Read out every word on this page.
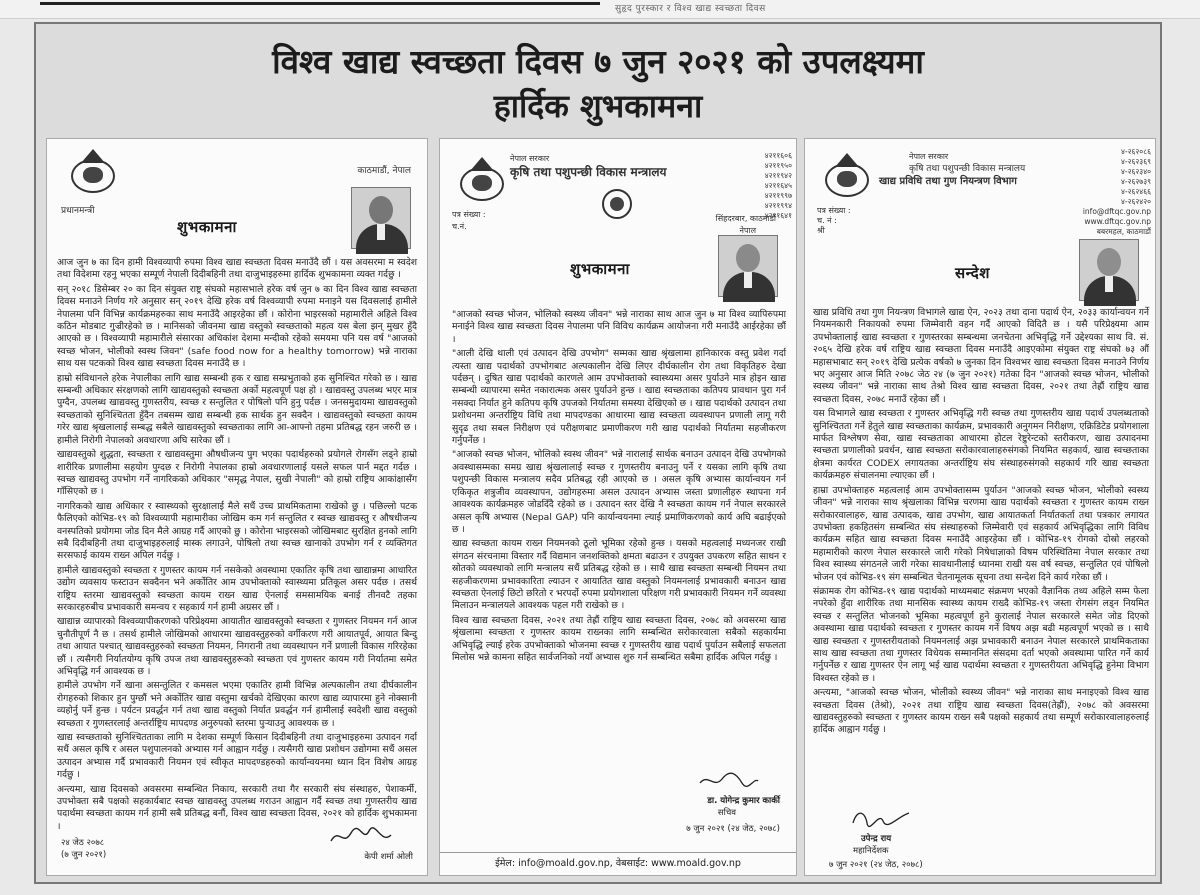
सुहृद पुरस्कार र विश्व खाद्य स्वच्छता दिवस
विश्व खाद्य स्वच्छता दिवस ७ जुन २०२१ को उपलक्ष्यमा
हार्दिक शुभकामना
प्रधानमन्त्री
काठमाडौं, नेपाल
शुभकामना

आज जुन ७ का दिन हामी विश्वव्यापी रुपमा विश्व खाद्य स्वच्छता दिवस मनाउँदै छौं । यस अवसरमा म स्वदेश तथा विदेशमा रहनु भएका सम्पूर्ण नेपाली दिदीबहिनी तथा दाजुभाइहरुमा हार्दिक शुभकामना व्यक्त गर्दछु ।

सन् २०१८ डिसेम्बर २० का दिन संयुक्त राष्ट्र संघको महासभाले हरेक वर्ष जुन ७ का दिन विश्व खाद्य स्वच्छता दिवस मनाउने निर्णय गरे अनुसार सन् २०१९ देखि हरेक वर्ष विश्वव्यापी रुपमा मनाइने यस दिवसलाई हामीले नेपालमा पनि विभिन्न कार्यक्रमहरुका साथ मनाउँदै आइरहेका छौं । कोरोना भाइरसको महामारीले अहिले विश्व कठिन मोडबाट गुज्रीरहेको छ । मानिसको जीवनमा खाद्य वस्तुको स्वच्छताको महत्व यस बेला झन् मुखर हुँदै आएको छ । विश्वव्यापी महामारीले संसारका अधिकांश देशमा मन्दीको रहेको समयमा पनि यस वर्ष "आजको स्वच्छ भोजन, भोलीको स्वस्थ जिवन" (safe food now for a healthy tomorrow) भन्ने नाराका साथ यस पटकको विश्व खाद्य स्वच्छता दिवस मनाउँदै छ ।

हाम्रो संविधानले हरेक नेपालीका लागि खाद्य सम्बन्धी हक र खाद्य सम्प्रभुताको हक सुनिश्चित गरेको छ । खाद्य सम्बन्धी अधिकार संरक्षणको लागि खाद्यवस्तुको स्वच्छता अर्को महत्वपूर्ण पक्ष हो । खाद्यवस्तु उपलब्ध भएर मात्र पुग्दैन, उपलब्ध खाद्यवस्तु गुणस्तरीय, स्वच्छ र सन्तुलित र पोषिलो पनि हुनु पर्दछ । जनसमुदायमा खाद्यवस्तुको स्वच्छताको सुनिश्चितता हुँदैन तबसम्म खाद्य सम्बन्धी हक सार्थक हुन सक्दैन । खाद्यवस्तुको स्वच्छता कायम गरेर खाद्य श्रृखलालाई सम्बद्ध सबैले खाद्यवस्तुको स्वच्छताका लागि आ-आफ्नो तहमा प्रतिबद्ध रहन जरुरी छ । हामीले निरोगी नेपालको अवधारणा अघि सारेका छौं ।

खाद्यवस्तुको शुद्धता, स्वच्छता र खाद्यवस्तुमा औषधीजन्य पुग भएका पदार्थहरुको प्रयोगले रोगसँग लड्ने हाम्रो शारीरिक प्रणालीमा सहयोग पुग्दछ र निरोगी नेपालका हाम्रो अवधारणालाई यसले सफल पार्न मद्दत गर्दछ । स्वच्छ खाद्यवस्तु उपभोग गर्ने नागरिकको अधिकार "समृद्ध नेपाल, सुखी नेपाली" को हाम्रो राष्ट्रिय आकांक्षासँग गाँसिएको छ ।

नागरिकको खाद्य अधिकार र स्वास्थ्यको सुरक्षालाई मैले सधैं उच्च प्राथमिकतामा राखेको छु । पछिल्लो पटक फैलिएको कोभिड-१९ को विश्वव्यापी महामारीका जोखिम कम गर्न सन्तुलित र स्वच्छ खाद्यवस्तु र औषधीजन्य वनस्पतिको प्रयोगमा जोड दिन मैले आग्रह गर्दै आएको छु । कोरोना भाइरसको जोखिमबाट सुरक्षित हुनको लागि सबै दिदीबहिनी तथा दाजुभाइहरुलाई मास्क लगाउने, पोषिलो तथा स्वच्छ खानाको उपभोग गर्न र व्यक्तिगत सरसफाई कायम राख्न अपिल गर्दछु ।

हामीले खाद्यवस्तुको स्वच्छता र गुणस्तर कायम गर्न नसकेको अवस्थामा एकातिर कृषि तथा खाद्यान्नमा आधारित उद्योग व्यवसाय फस्टाउन सक्दैनन भने अर्कोतिर आम उपभोक्ताको स्वास्थ्यमा प्रतिकूल असर पर्दछ । तसर्थ राष्ट्रिय स्तरमा खाद्यवस्तुको स्वच्छता कायम राख्न खाद्य ऐनलाई समसामयिक बनाई तीनवटै तहका सरकारहरुबीच प्रभावकारी समन्वय र सहकार्य गर्न हामी अग्रसर छौं ।

खाद्यान्न व्यापारको विश्वव्यापीकरणको परिप्रेक्ष्यमा आयातीत खाद्यवस्तुको स्वच्छता र गुणस्तर नियमन गर्न आज चुनौतीपूर्ण नै छ । तसर्थ हामीले जोखिमको आधारमा खाद्यवस्तुहरुको वर्गीकरण गरी आयातपूर्व, आयात बिन्दु तथा आयात पश्चात् खाद्यवस्तुहरुको स्वच्छता नियमन, निगरानी तथा व्यवस्थापन गर्ने प्रणाली विकास गरिरहेका छौं । त्यसैगरी निर्यातयोग्य कृषि उपज तथा खाद्यवस्तुहरूको स्वच्छता एवं गुणस्तर कायम गरी निर्यातमा समेत अभिवृद्धि गर्न आवश्यक छ ।

हामीले उपभोग गर्ने खाना असन्तुलित र कमसल भएमा एकातिर हामी विभिन्न अल्पकालीन तथा दीर्घकालीन रोगहरुको शिकार हुन पुग्छौं भने अर्कोतिर खाद्य वस्तुमा खर्चको देखिएका कारण खाद्य व्यापारमा हुने नोक्सानी व्यहोर्नु पर्ने हुन्छ । पर्यटन प्रवर्द्धन गर्न तथा खाद्य वस्तुको निर्यात प्रवर्द्धन गर्न हामीलाई स्वदेशी खाद्य वस्तुको स्वच्छता र गुणस्तरलाई अन्तर्राष्ट्रिय मापदण्ड अनुरुपको स्तरमा पुऱ्याउनु आवश्यक छ ।

खाद्य स्वच्छताको सुनिश्चितताका लागि म देशका सम्पूर्ण किसान दिदीबहिनी तथा दाजुभाइहरुमा उत्पादन गर्दा सधैं असल कृषि र असल पशुपालनको अभ्यास गर्न आह्वान गर्दछु । त्यसैगरी खाद्य प्रशोधन उद्योगमा सधैं असल उत्पादन अभ्यास गर्दै प्रभावकारी नियमन एवं स्वीकृत मापदण्डहरुको कार्यान्वयनमा ध्यान दिन विशेष आग्रह गर्दछु ।

अन्त्यमा, खाद्य दिवसको अवसरमा सम्बन्धित निकाय, सरकारी तथा गैर सरकारी संघ संस्थाहरु, पेशाकर्मी, उपभोक्ता सबै पक्षको सहकार्यबाट स्वच्छ खाद्यवस्तु उपलब्ध गराउन आह्वान गर्दै स्वच्छ तथा गुणस्तरीय खाद्य पदार्थमा स्वच्छता कायम गर्न हामी सबै प्रतिबद्ध बनौं, विश्व खाद्य स्वच्छता दिवस, २०२१ को हार्दिक शुभकामना ।

२४ जेठ २०७८
(७ जुन २०२१)	केपी शर्मा ओली
नेपाल सरकार
कृषि तथा पशुपन्छी विकास मन्त्रालय
४२११६०६
४२११९५०
४२११९४२
४२११६४५
४२११९९७
४२११९९४
४२११६४१
पत्र संख्या :
च.नं.
सिंहदरबार, काठमाडौं
नेपाल
शुभकामना

"आजको स्वच्छ भोजन, भोलिको स्वस्थ्य जीवन" भन्ने नाराका साथ आज जुन ७ मा विश्व व्यापिरुपमा मनाईने विश्व खाद्य स्वच्छता दिवस नेपालमा पनि विविध कार्यक्रम आयोजना गरी मनाउँदै आईरहेका छौं ।

"आली देखि थाली एवं उत्पादन देखि उपभोग" सम्मका खाद्य श्रृंखलामा हानिकारक वस्तु प्रवेश गर्दा त्यस्ता खाद्य पदार्थको उपभोगबाट अल्पकालीन देखि लिएर दीर्घकालीन रोग तथा विकृतिहरु देखा पर्दछन् । दुषित खाद्य पदार्थको कारणले आम उपभोक्ताको स्वास्थ्यमा असर पुर्याउने मात्र होइन खाद्य सम्बन्धी व्यापारमा समेत नकारात्मक असर पुर्याउने हुन्छ । खाद्य स्वच्छताका कतिपय प्रावधान पुरा गर्न नसक्दा निर्यात हुने कतिपय कृषि उपजको निर्यातमा समस्या देखिएको छ । खाद्य पदार्थको उत्पादन तथा प्रशोधनमा अन्तर्राष्ट्रिय विधि तथा मापदण्डका आधारमा खाद्य स्वच्छता व्यवस्थापन प्रणाली लागू गरी सुदृढ तथा सबल निरीक्षण एवं परीक्षणबाट प्रमाणीकरण गरी खाद्य पदार्थको निर्यातमा सहजीकरण गर्नुपर्नेछ ।

"आजको स्वच्छ भोजन, भोलिको स्वस्थ जीवन" भन्ने नारालाई सार्थक बनाउन उत्पादन देखि उपभोगको अवस्थासम्मका समग्र खाद्य श्रृंखलालाई स्वच्छ र गुणस्तरीय बनाउनु पर्ने र यसका लागि कृषि तथा पशुपन्छी विकास मन्त्रालय सदैव प्रतिबद्ध रही आएको छ । असल कृषि अभ्यास कार्यान्वयन गर्न एकिकृत शत्रुजीव व्यवस्थापन, उद्योगहरुमा असल उत्पादन अभ्यास जस्ता प्रणालीहरु स्थापना गर्न आवश्यक कार्यक्रमहरु जोडदिँदै रहेको छ । उत्पादन स्तर देखि नै स्वच्छता कायम गर्न नेपाल सरकारले असल कृषि अभ्यास (Nepal GAP) पनि कार्यान्वयनमा ल्याई प्रमाणिकरणको कार्य अघि बढाईएको छ ।

खाद्य स्वच्छता कायम राख्न नियमनको ठूलो भूमिका रहेको हुन्छ । यसको महत्वलाई मध्यनजर राखी संगठन संरचनामा विस्तार गर्दै विद्यमान जनशक्तिको क्षमता बढाउन र उपयुक्त उपकरण सहित साधन र स्रोतको व्यवस्थाको लागि मन्त्रालय सधैं प्रतिबद्ध रहेको छ । साथै खाद्य स्वच्छता सम्बन्धी नियमन तथा सहजीकरणमा प्रभावकारिता ल्याउन र आयातित खाद्य वस्तुको नियमनलाई प्रभावकारी बनाउन खाद्य स्वच्छता ऐनलाई छिटो छरितो र भरपर्दो रुपमा प्रयोगशाला परिक्षण गरी प्रभावकारी नियमन गर्ने व्यवस्था मिलाउन मन्त्रालयले आवश्यक पहल गरी राखेको छ ।

विश्व खाद्य स्वच्छता दिवस, २०२१ तथा तेह्रौं राष्ट्रिय खाद्य स्वच्छता दिवस, २०७८ को अवसरमा खाद्य श्रृंखलामा स्वच्छता र गुणस्तर कायम राख्नका लागि सम्बन्धित सरोकारवाला सबैको सहकार्यमा अभिवृद्धि ल्याई हरेक उपभोक्ताको भोजनमा स्वच्छ र गुणस्तरीय खाद्य पदार्थ पुर्याउन सबैलाई सफलता मिलोस भन्ने कामना सहित सार्वजनिको नयाँ अभ्यास शुरु गर्न सम्बन्धित सबैमा हार्दिक अपिल गर्दछु ।

डा. योगेन्द्र कुमार कार्की
सचिव
७ जुन २०२१ (२४ जेठ, २०७८)
ईमेल: info@moald.gov.np, वेबसाईट: www.moald.gov.np
नेपाल सरकार
कृषि तथा पशुपन्छी विकास मन्त्रालय
खाद्य प्रविधि तथा गुण नियन्त्रण विभाग
४-२६२०८६
४-२६२३६९
४-२६२३४०
४-२६२७३९
४-२६२४६६
४-२६२४२०
info@dftqc.gov.np
www.dftqc.gov.np
बबरमहल, काठमाडौं
पत्र संख्या :
च. नं :
श्री
सन्देश

खाद्य प्रविधि तथा गुण नियन्त्रण विभागले खाद्य ऐन, २०२३ तथा दाना पदार्थ ऐन, २०३३ कार्यान्वयन गर्ने नियमनकारी निकायको रुपमा जिम्मेवारी वहन गर्दै आएको विदितै छ । यसै परिप्रेक्ष्यमा आम उपभोक्तालाई खाद्य स्वच्छता र गुणस्तरका सम्बन्धमा जनचेतना अभिवृद्धि गर्ने उद्देश्यका साथ वि. सं. २०६५ देखि हरेक वर्ष राष्ट्रिय खाद्य स्वच्छता दिवस मनाउँदै आइएकोमा संयुक्त राष्ट्र संघको ७३ औं महासभाबाट सन् २०१९ देखि प्रत्येक वर्षको ७ जुनका दिन विश्वभर खाद्य स्वच्छता दिवस मनाउने निर्णय भए अनुसार आज मिति २०७८ जेठ २४ (७ जुन २०२१) गतेका दिन "आजको स्वच्छ भोजन, भोलीको स्वस्थ्य जीवन" भन्ने नाराका साथ तेश्रो विश्व खाद्य स्वच्छता दिवस, २०२१ तथा तेह्रौं राष्ट्रिय खाद्य स्वच्छता दिवस, २०७८ मनाउँ रहेका छौं ।

यस विभागले खाद्य स्वच्छता र गुणस्तर अभिवृद्धि गरी स्वच्छ तथा गुणस्तरीय खाद्य पदार्थ उपलब्धताको सुनिश्चितता गर्ने हेतुले खाद्य स्वच्छताका कार्यक्रम, प्रभावकारी अनुगमन निरीक्षण, एक्रिडिटेड प्रयोगशाला मार्फत विश्लेषण सेवा, खाद्य स्वच्छताका आधारमा होटल रेष्टुरेन्टको स्तरीकरण, खाद्य उत्पादनमा स्वच्छता प्रणालीको प्रवर्धन, खाद्य स्वच्छता सरोकारवालाहरुसंगको नियमित सहकार्य, खाद्य स्वच्छताका क्षेत्रमा कार्यरत CODEX लगायतका अन्तर्राष्ट्रिय संघ संस्थाहरुसंगको सहकार्य गरि खाद्य स्वच्छता कार्यक्रमहरु संचालनमा ल्याएका छौं ।

हाम्रा उपभोक्ताहरु महत्वलाई आम उपभोक्तासम्म पुर्याउन "आजको स्वच्छ भोजन, भोलीको स्वस्थ्य जीवन" भन्ने नाराका साथ श्रृंखलाका विभिन्न चरणमा खाद्य पदार्थको स्वच्छता र गुणस्तर कायम राख्न सरोकारवालाहरु, खाद्य उत्पादक, खाद्य उपभोग, खाद्य आयातकर्ता निर्यातकर्ता तथा पत्रकार लगायत उपभोक्ता हकहितसंग सम्बन्धित संघ संस्थाहरुको जिम्मेवारी एवं सहकार्य अभिवृद्धिका लागि विविध कार्यक्रम सहित खाद्य स्वच्छता दिवस मनाउँदै आइरहेका छौं । कोभिड-१९ रोगको दोस्रो लहरको महामारीको कारण नेपाल सरकारले जारी गरेको निषेधाज्ञाको विषम परिस्थितिमा नेपाल सरकार तथा विश्व स्वास्थ्य संगठनले जारी गरेका सावधानीलाई ध्यानमा राखी यस वर्ष स्वच्छ, सन्तुलित एवं पोषिलो भोजन एवं कोभिड-१९ संग सम्बन्धित चेतनामूलक सूचना तथा सन्देश दिने कार्य गरेका छौं ।

संक्रामक रोग कोभिड-१९ खाद्य पदार्थको माध्यमबाट संक्रमण भएको वैज्ञानिक तथ्य अहिले सम्म फेला नपरेको हुँदा शारीरिक तथा मानसिक स्वास्थ्य कायम राख्दै कोभिड-१९ जस्ता रोगसंग लड्न नियमित स्वच्छ र सन्तुलित भोजनको भूमिका महत्वपूर्ण हुने कुरालाई नेपाल सरकारले समेत जोड दिएको अवस्थामा खाद्य पदार्थको स्वच्छता र गुणस्तर कायम गर्ने विषय अझ बढी महत्वपूर्ण भएको छ । साथै खाद्य स्वच्छता र गुणस्तरीयताको नियमनलाई अझ प्रभावकारी बनाउन नेपाल सरकारले प्राथमिकताका साथ खाद्य स्वच्छता तथा गुणस्तर विधेयक सम्माननित संसदमा दर्ता भएको अवस्थामा पारित गर्ने कार्य गर्नुपर्नेछ र खाद्य गुणस्तर ऐन लागू भई खाद्य पदार्थमा स्वच्छता र गुणस्तरीयता अभिवृद्धि हुनेमा विभाग विश्वस्त रहेको छ ।

अन्त्यमा, "आजको स्वच्छ भोजन, भोलीको स्वस्थ्य जीवन" भन्ने नाराका साथ मनाइएको विश्व खाद्य स्वच्छता दिवस (तेश्रो), २०२१ तथा राष्ट्रिय खाद्य स्वच्छता दिवस(तेह्रौं), २०७८ को अवसरमा खाद्यवस्तुहरुको स्वच्छता र गुणस्तर कायम राख्न सबै पक्षको सहकार्य तथा सम्पूर्ण सरोकारवालाहरुलाई हार्दिक आह्वान गर्दछु ।

उपेन्द्र राय
महानिर्देशक
७ जुन २०२१ (२४ जेठ, २०७८)
